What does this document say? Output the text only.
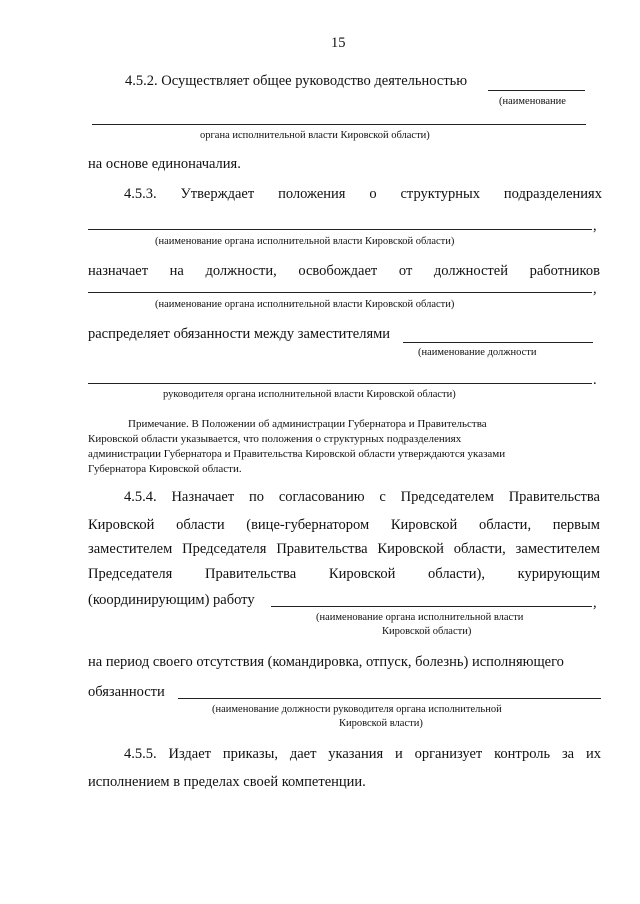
15
4.5.2. Осуществляет общее руководство деятельностью
(наименование
органа исполнительной власти Кировской области)
на основе единоначалия.
4.5.3. Утверждает положения о структурных подразделениях
,
(наименование органа исполнительной власти Кировской области)
назначает на должности, освобождает от должностей работников
,
(наименование органа исполнительной власти Кировской области)
распределяет обязанности между заместителями
(наименование должности
.
руководителя органа исполнительной власти Кировской области)
Примечание. В Положении об администрации Губернатора и Правительства
Кировской области указывается, что положения о структурных подразделениях
администрации Губернатора и Правительства Кировской области утверждаются указами
Губернатора Кировской области.
4.5.4. Назначает по согласованию с Председателем Правительства
Кировской области (вице-губернатором Кировской области, первым
заместителем Председателя Правительства Кировской области, заместителем
Председателя Правительства Кировской области), курирующим
(координирующим) работу	,
(наименование органа исполнительной власти
Кировской области)
на период своего отсутствия (командировка, отпуск, болезнь) исполняющего
обязанности
(наименование должности руководителя органа исполнительной
Кировской власти)
4.5.5. Издает приказы, дает указания и организует контроль за их
исполнением в пределах своей компетенции.
